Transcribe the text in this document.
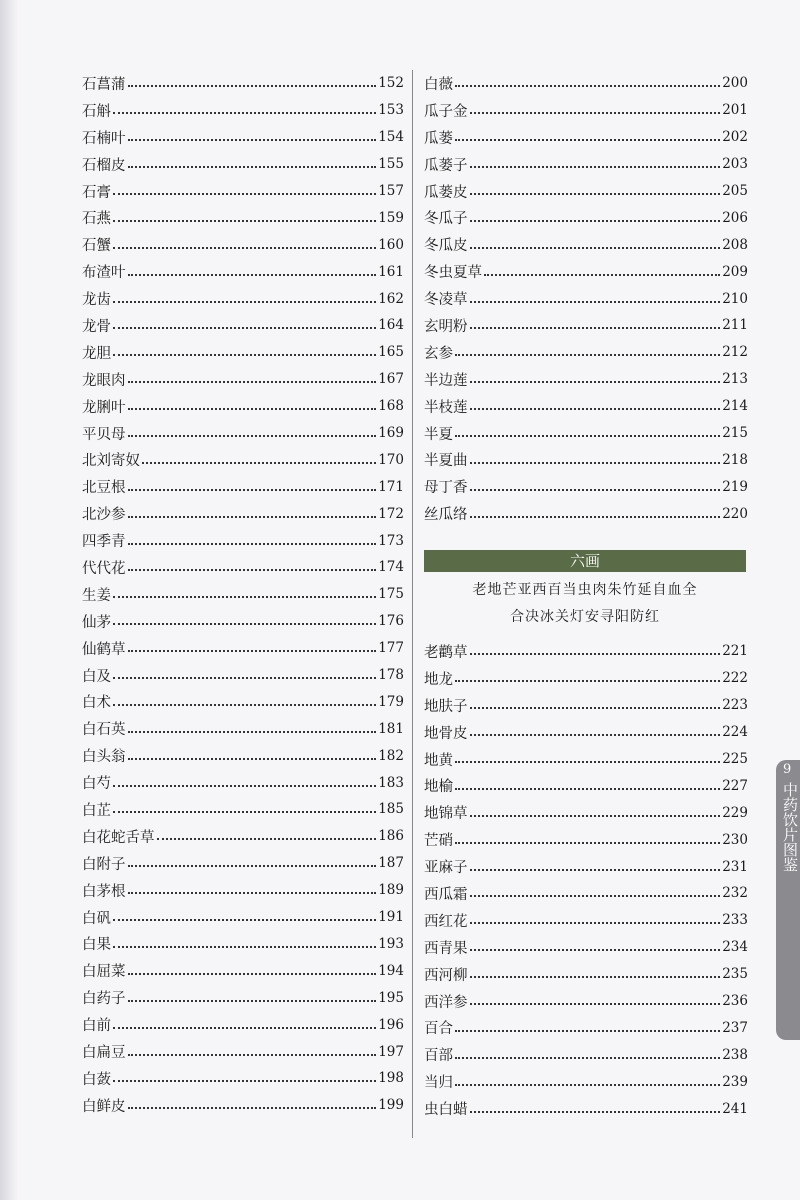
石菖蒲	152
石斛	153
石楠叶	154
石榴皮	155
石膏	157
石燕	159
石蟹	160
布渣叶	161
龙齿	162
龙骨	164
龙胆	165
龙眼肉	167
龙脷叶	168
平贝母	169
北刘寄奴	170
北豆根	171
北沙参	172
四季青	173
代代花	174
生姜	175
仙茅	176
仙鹤草	177
白及	178
白术	179
白石英	181
白头翁	182
白芍	183
白芷	185
白花蛇舌草	186
白附子	187
白茅根	189
白矾	191
白果	193
白屈菜	194
白药子	195
白前	196
白扁豆	197
白蔹	198
白鲜皮	199
白薇	200
瓜子金	201
瓜蒌	202
瓜蒌子	203
瓜蒌皮	205
冬瓜子	206
冬瓜皮	208
冬虫夏草	209
冬凌草	210
玄明粉	211
玄参	212
半边莲	213
半枝莲	214
半夏	215
半夏曲	218
母丁香	219
丝瓜络	220
六画
老地芒亚西百当虫肉朱竹延自血全
合决冰关灯安寻阳防红
老鹳草	221
地龙	222
地肤子	223
地骨皮	224
地黄	225
地榆	227
地锦草	229
芒硝	230
亚麻子	231
西瓜霜	232
西红花	233
西青果	234
西河柳	235
西洋参	236
百合	237
百部	238
当归	239
虫白蜡	241
9
中药饮片图鉴
